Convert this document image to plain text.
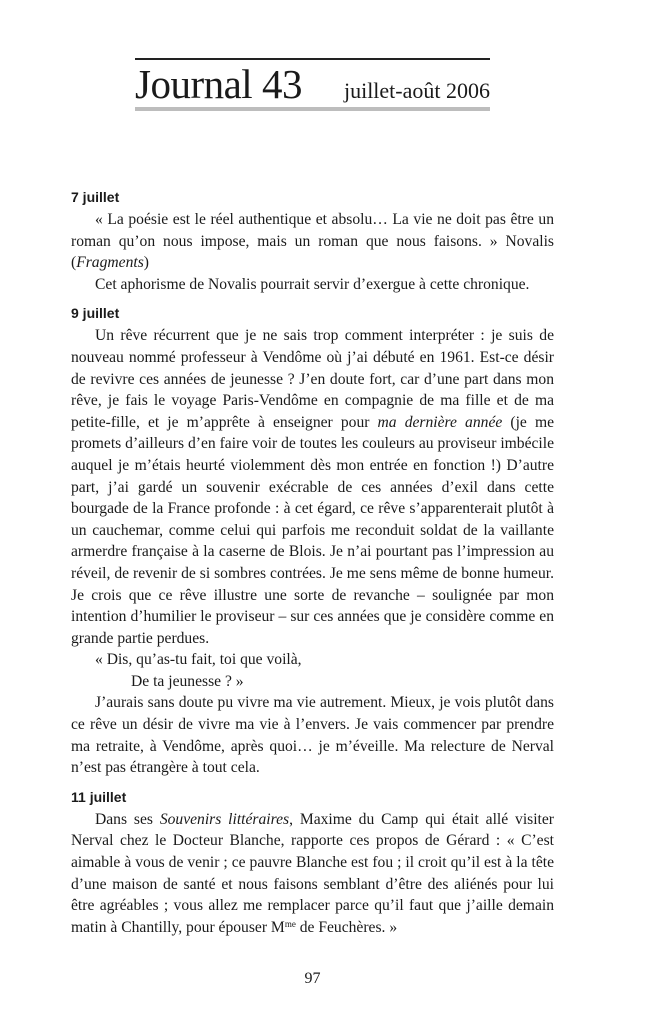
Journal 43 juillet-août 2006
7 juillet

« La poésie est le réel authentique et absolu… La vie ne doit pas être un roman qu’on nous impose, mais un roman que nous faisons. » Novalis (Fragments)

Cet aphorisme de Novalis pourrait servir d’exergue à cette chronique.

9 juillet

Un rêve récurrent que je ne sais trop comment interpréter : je suis de nouveau nommé professeur à Vendôme où j’ai débuté en 1961. Est-ce désir de revivre ces années de jeunesse ? J’en doute fort, car d’une part dans mon rêve, je fais le voyage Paris-Vendôme en compagnie de ma fille et de ma petite-fille, et je m’apprête à enseigner pour ma dernière année (je me promets d’ailleurs d’en faire voir de toutes les couleurs au proviseur imbécile auquel je m’étais heurté violemment dès mon entrée en fonction !) D’autre part, j’ai gardé un souvenir exécrable de ces années d’exil dans cette bourgade de la France profonde : à cet égard, ce rêve s’apparenterait plutôt à un cauchemar, comme celui qui parfois me reconduit soldat de la vaillante armerdre française à la caserne de Blois. Je n’ai pourtant pas l’impression au réveil, de revenir de si sombres contrées. Je me sens même de bonne humeur. Je crois que ce rêve illustre une sorte de revanche – soulignée par mon intention d’humilier le proviseur – sur ces années que je considère comme en grande partie perdues.

« Dis, qu’as-tu fait, toi que voilà,
De ta jeunesse ? »

J’aurais sans doute pu vivre ma vie autrement. Mieux, je vois plutôt dans ce rêve un désir de vivre ma vie à l’envers. Je vais commencer par prendre ma retraite, à Vendôme, après quoi… je m’éveille. Ma relecture de Nerval n’est pas étrangère à tout cela.

11 juillet

Dans ses Souvenirs littéraires, Maxime du Camp qui était allé visiter Nerval chez le Docteur Blanche, rapporte ces propos de Gérard : « C’est aimable à vous de venir ; ce pauvre Blanche est fou ; il croit qu’il est à la tête d’une maison de santé et nous faisons semblant d’être des aliénés pour lui être agréables ; vous allez me remplacer parce qu’il faut que j’aille demain matin à Chantilly, pour épouser $M^{me}$ de Feuchères. »

97
